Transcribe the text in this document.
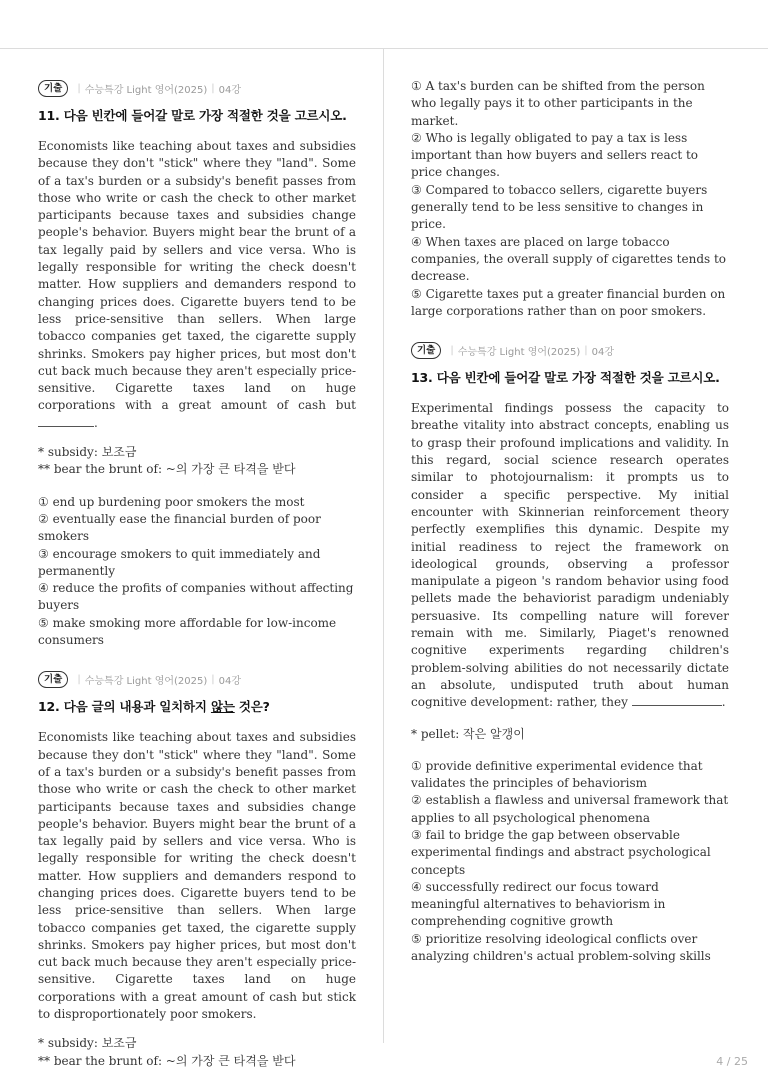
기출	| 수능특강 Light 영어(2025) | 04강
11. 다음 빈칸에 들어갈 말로 가장 적절한 것을 고르시오.

Economists like teaching about taxes and subsidies because they don't "stick" where they "land". Some of a tax's burden or a subsidy's benefit passes from those who write or cash the check to other market participants because taxes and subsidies change people's behavior. Buyers might bear the brunt of a tax legally paid by sellers and vice versa. Who is legally responsible for writing the check doesn't matter. How suppliers and demanders respond to changing prices does. Cigarette buyers tend to be less price-sensitive than sellers. When large tobacco companies get taxed, the cigarette supply shrinks. Smokers pay higher prices, but most don't cut back much because they aren't especially price-sensitive. Cigarette taxes land on huge corporations with a great amount of cash but .

* subsidy: 보조금
** bear the brunt of: ~의 가장 큰 타격을 받다

① end up burdening poor smokers the most

② eventually ease the financial burden of poor smokers

③ encourage smokers to quit immediately and permanently

④ reduce the profits of companies without affecting buyers

⑤ make smoking more affordable for low-income consumers

기출	| 수능특강 Light 영어(2025) | 04강
12. 다음 글의 내용과 일치하지 않는 것은?

Economists like teaching about taxes and subsidies because they don't "stick" where they "land". Some of a tax's burden or a subsidy's benefit passes from those who write or cash the check to other market participants because taxes and subsidies change people's behavior. Buyers might bear the brunt of a tax legally paid by sellers and vice versa. Who is legally responsible for writing the check doesn't matter. How suppliers and demanders respond to changing prices does. Cigarette buyers tend to be less price-sensitive than sellers. When large tobacco companies get taxed, the cigarette supply shrinks. Smokers pay higher prices, but most don't cut back much because they aren't especially price-sensitive. Cigarette taxes land on huge corporations with a great amount of cash but stick to disproportionately poor smokers.

* subsidy: 보조금
** bear the brunt of: ~의 가장 큰 타격을 받다

① A tax's burden can be shifted from the person who legally pays it to other participants in the market.

② Who is legally obligated to pay a tax is less important than how buyers and sellers react to price changes.

③ Compared to tobacco sellers, cigarette buyers generally tend to be less sensitive to changes in price.

④ When taxes are placed on large tobacco companies, the overall supply of cigarettes tends to decrease.

⑤ Cigarette taxes put a greater financial burden on large corporations rather than on poor smokers.

기출	| 수능특강 Light 영어(2025) | 04강
13. 다음 빈칸에 들어갈 말로 가장 적절한 것을 고르시오.

Experimental findings possess the capacity to breathe vitality into abstract concepts, enabling us to grasp their profound implications and validity. In this regard, social science research operates similar to photojournalism: it prompts us to consider a specific perspective. My initial encounter with Skinnerian reinforcement theory perfectly exemplifies this dynamic. Despite my initial readiness to reject the framework on ideological grounds, observing a professor manipulate a pigeon 's random behavior using food pellets made the behaviorist paradigm undeniably persuasive. Its compelling nature will forever remain with me. Similarly, Piaget's renowned cognitive experiments regarding children's problem-solving abilities do not necessarily dictate an absolute, undisputed truth about human cognitive development: rather, they	.

* pellet: 작은 알갱이

① provide definitive experimental evidence that validates the principles of behaviorism

② establish a flawless and universal framework that applies to all psychological phenomena

③ fail to bridge the gap between observable experimental findings and abstract psychological concepts

④ successfully redirect our focus toward meaningful alternatives to behaviorism in comprehending cognitive growth

⑤ prioritize resolving ideological conflicts over analyzing children's actual problem-solving skills

4 / 25
